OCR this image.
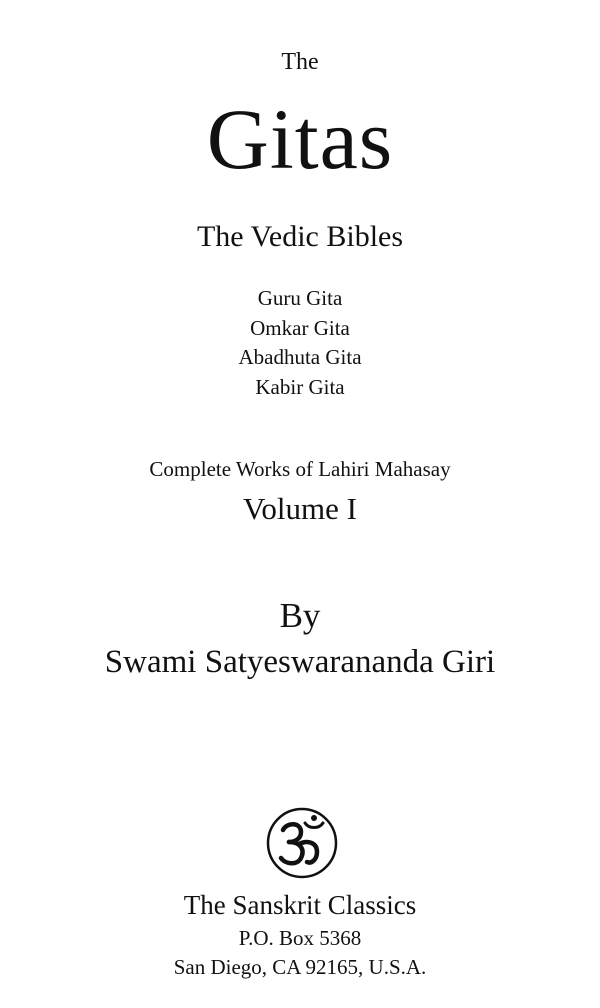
The
Gitas
The Vedic Bibles
Guru Gita
Omkar Gita
Abadhuta Gita
Kabir Gita
Complete Works of Lahiri Mahasay
Volume I
By
Swami Satyeswarananda Giri
The Sanskrit Classics
P.O. Box 5368
San Diego, CA 92165, U.S.A.
